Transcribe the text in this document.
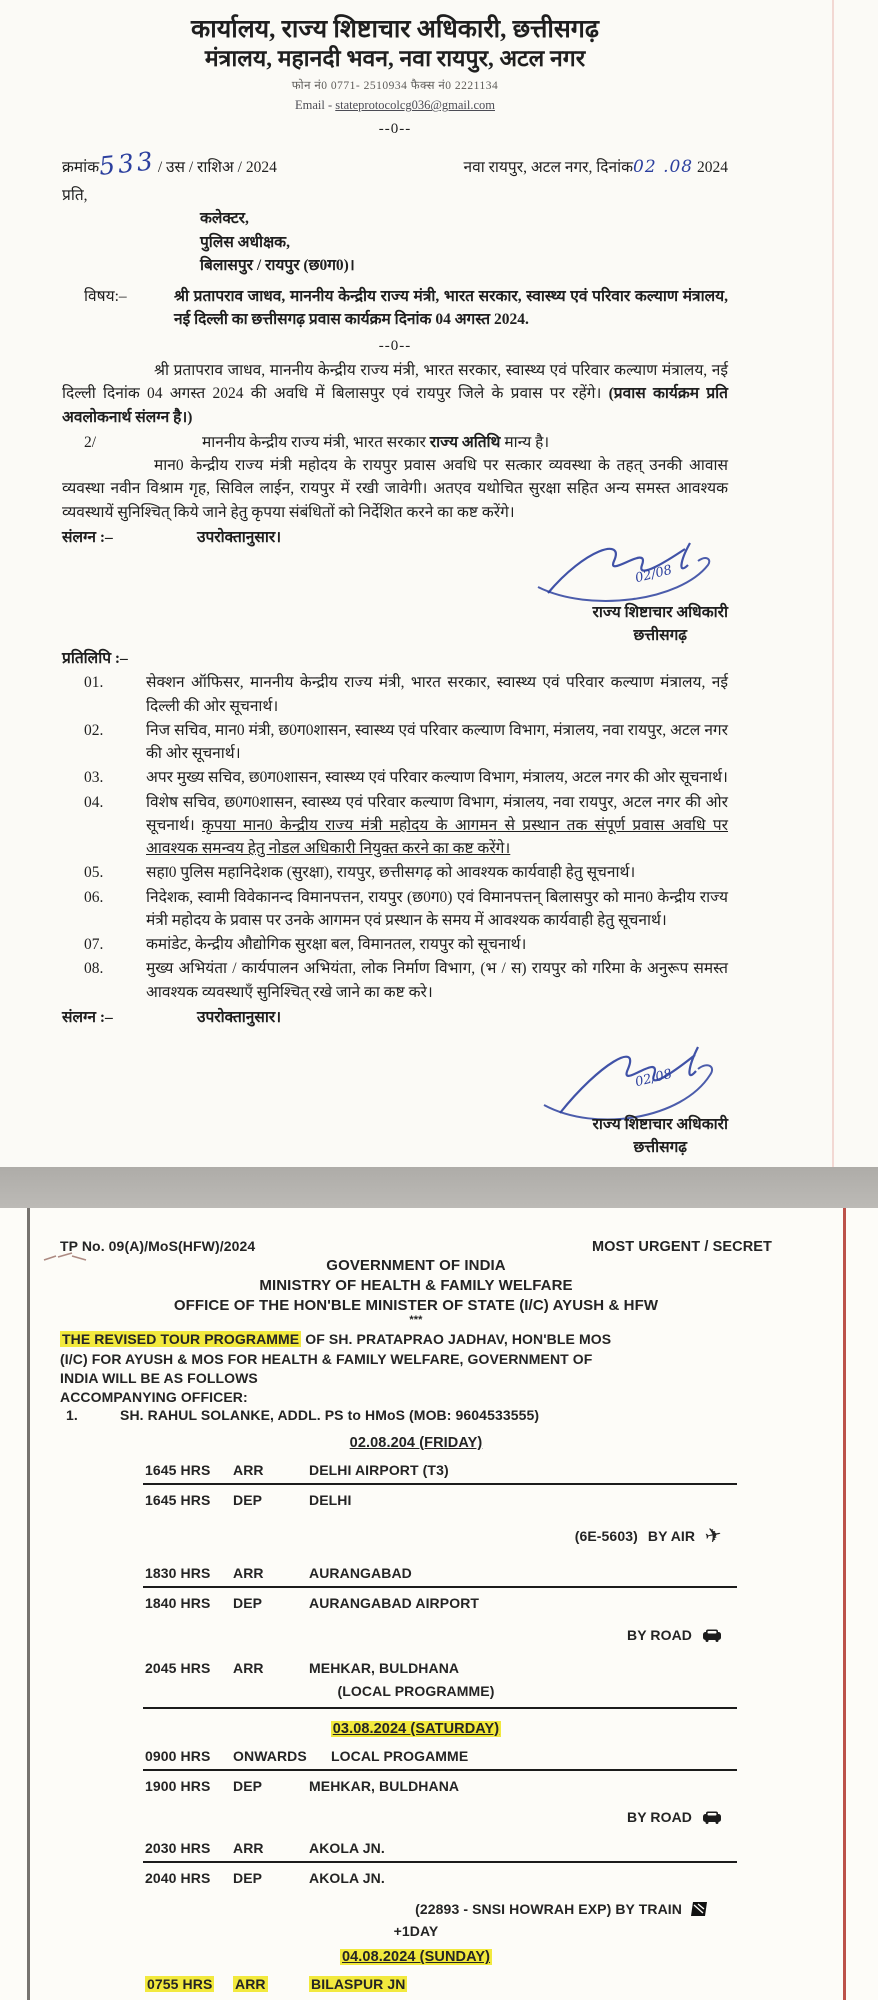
कार्यालय, राज्य शिष्टाचार अधिकारी, छत्तीसगढ़
मंत्रालय, महानदी भवन, नवा रायपुर, अटल नगर
फोन नं0 0771- 2510934 फैक्स नं0 2221134
Email - stateprotocolcg036@gmail.com
--0--
क्रमांक533/ उस / राशिअ / 2024	नवा रायपुर, अटल नगर, दिनांक02 .08 2024
प्रति,
कलेक्टर,
पुलिस अधीक्षक,
बिलासपुर / रायपुर (छ0ग0)।
विषय:–	श्री प्रतापराव जाधव, माननीय केन्द्रीय राज्य मंत्री, भारत सरकार, स्वास्थ्य एवं परिवार कल्याण मंत्रालय, नई दिल्ली का छत्तीसगढ़ प्रवास कार्यक्रम दिनांक 04 अगस्त 2024.
--0--
श्री प्रतापराव जाधव, माननीय केन्द्रीय राज्य मंत्री, भारत सरकार, स्वास्थ्य एवं परिवार कल्याण मंत्रालय, नई दिल्ली दिनांक 04 अगस्त 2024 की अवधि में बिलासपुर एवं रायपुर जिले के प्रवास पर रहेंगे। (प्रवास कार्यक्रम प्रति अवलोकनार्थ संलग्न है।)
2/	माननीय केन्द्रीय राज्य मंत्री, भारत सरकार राज्य अतिथि मान्य है।
मान0 केन्द्रीय राज्य मंत्री महोदय के रायपुर प्रवास अवधि पर सत्कार व्यवस्था के तहत् उनकी आवास व्यवस्था नवीन विश्राम गृह, सिविल लाईन, रायपुर में रखी जावेगी। अतएव यथोचित सुरक्षा सहित अन्य समस्त आवश्यक व्यवस्थायें सुनिश्चित् किये जाने हेतु कृपया संबंधितों को निर्देशित करने का कष्ट करेंगे।
संलग्न :–	उपरोक्तानुसार।
02/08
राज्य शिष्टाचार अधिकारी
छत्तीसगढ़
प्रतिलिपि :–
01.	सेक्शन ऑफिसर, माननीय केन्द्रीय राज्य मंत्री, भारत सरकार, स्वास्थ्य एवं परिवार कल्याण मंत्रालय, नई दिल्ली की ओर सूचनार्थ।
02.	निज सचिव, मान0 मंत्री, छ0ग0शासन, स्वास्थ्य एवं परिवार कल्याण विभाग, मंत्रालय, नवा रायपुर, अटल नगर की ओर सूचनार्थ।
03.	अपर मुख्य सचिव, छ0ग0शासन, स्वास्थ्य एवं परिवार कल्याण विभाग, मंत्रालय, अटल नगर की ओर सूचनार्थ।
04.	विशेष सचिव, छ0ग0शासन, स्वास्थ्य एवं परिवार कल्याण विभाग, मंत्रालय, नवा रायपुर, अटल नगर की ओर सूचनार्थ। कृपया मान0 केन्द्रीय राज्य मंत्री महोदय के आगमन से प्रस्थान तक संपूर्ण प्रवास अवधि पर आवश्यक समन्वय हेतु नोडल अधिकारी नियुक्त करने का कष्ट करेंगे।
05.	सहा0 पुलिस महानिदेशक (सुरक्षा), रायपुर, छत्तीसगढ़ को आवश्यक कार्यवाही हेतु सूचनार्थ।
06.	निदेशक, स्वामी विवेकानन्द विमानपत्तन, रायपुर (छ0ग0) एवं विमानपत्तन् बिलासपुर को मान0 केन्द्रीय राज्य मंत्री महोदय के प्रवास पर उनके आगमन एवं प्रस्थान के समय में आवश्यक कार्यवाही हेतु सूचनार्थ।
07.	कमांडेट, केन्द्रीय औद्योगिक सुरक्षा बल, विमानतल, रायपुर को सूचनार्थ।
08.	मुख्य अभियंता / कार्यपालन अभियंता, लोक निर्माण विभाग, (भ / स) रायपुर को गरिमा के अनुरूप समस्त आवश्यक व्यवस्थाएँ सुनिश्चित् रखे जाने का कष्ट करे।
संलग्न :–	उपरोक्तानुसार।
02/08
राज्य शिष्टाचार अधिकारी
छत्तीसगढ़
TP No. 09(A)/MoS(HFW)/2024	MOST URGENT / SECRET
GOVERNMENT OF INDIA
MINISTRY OF HEALTH & FAMILY WELFARE
OFFICE OF THE HON'BLE MINISTER OF STATE (I/C) AYUSH & HFW
***
THE REVISED TOUR PROGRAMME OF SH. PRATAPRAO JADHAV, HON'BLE MOS (I/C) FOR AYUSH & MOS FOR HEALTH & FAMILY WELFARE, GOVERNMENT OF INDIA WILL BE AS FOLLOWS
ACCOMPANYING OFFICER:
1.	SH. RAHUL SOLANKE, ADDL. PS to HMoS (MOB: 9604533555)
02.08.204 (FRIDAY)
1645 HRS	ARR	DELHI AIRPORT (T3)
1645 HRS	DEP	DELHI
(6E-5603) BY AIR ✈
1830 HRS	ARR	AURANGABAD
1840 HRS	DEP	AURANGABAD AIRPORT
BY ROAD
2045 HRS	ARR	MEHKAR, BULDHANA
(LOCAL PROGRAMME)
03.08.2024 (SATURDAY)
0900 HRS	ONWARDS	LOCAL PROGAMME
1900 HRS	DEP	MEHKAR, BULDHANA
BY ROAD
2030 HRS	ARR	AKOLA JN.
2040 HRS	DEP	AKOLA JN.
(22893 - SNSI HOWRAH EXP) BY TRAIN
+1DAY
04.08.2024 (SUNDAY)
0755 HRS	ARR	BILASPUR JN
